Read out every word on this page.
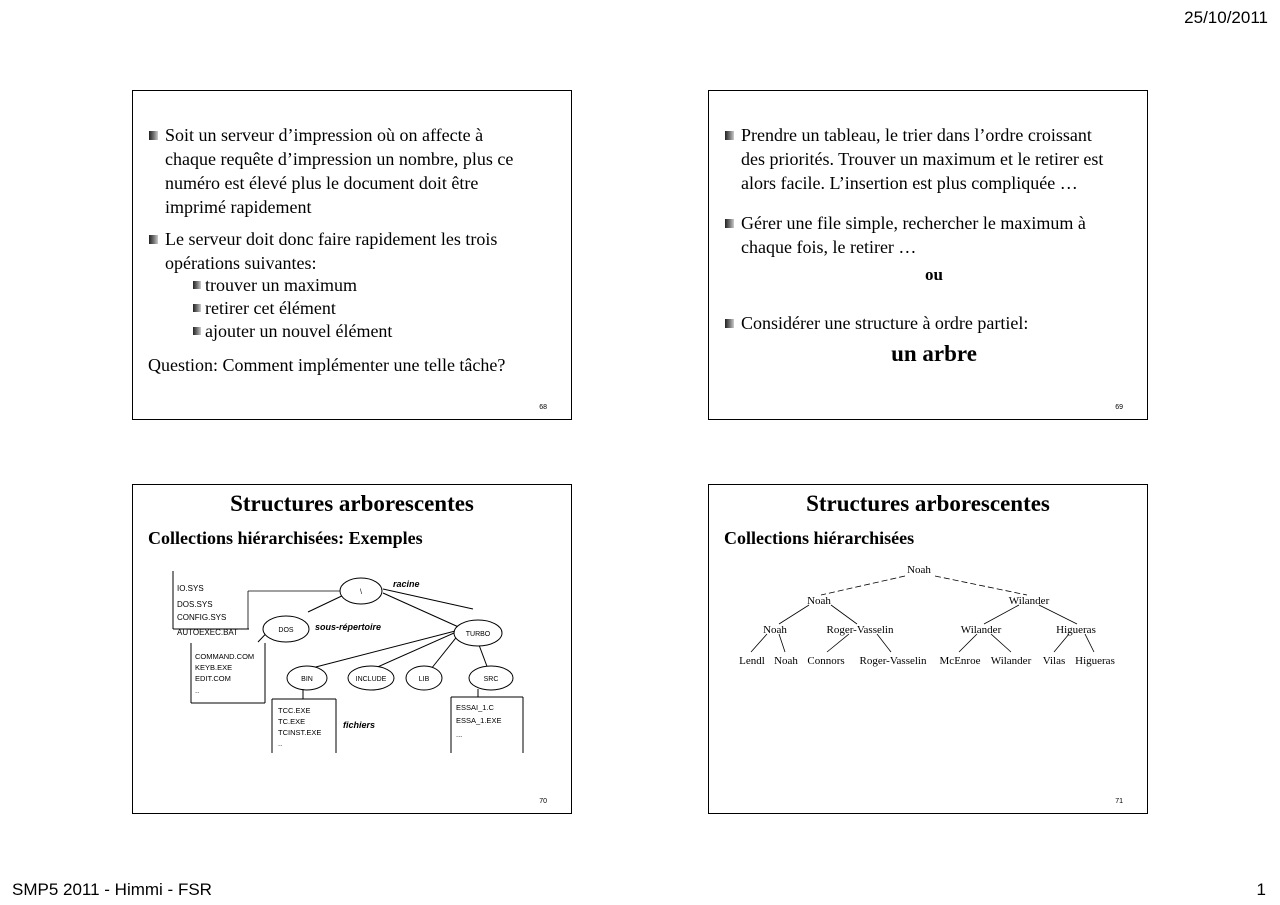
25/10/2011
Soit un serveur d’impression où on affecte à
chaque requête d’impression un nombre, plus ce
numéro est élevé plus le document doit être
imprimé rapidement
Le serveur doit donc faire rapidement les trois
opérations suivantes:
trouver un maximum
retirer cet élément
ajouter un nouvel élément
Question: Comment implémenter une telle tâche?
68
Prendre un tableau, le trier dans l’ordre croissant
des priorités. Trouver un maximum et le retirer est
alors facile. L’insertion est plus compliquée …
Gérer une file simple, rechercher le maximum à
chaque fois, le retirer …
ou
Considérer une structure à ordre partiel:
un arbre
69
Structures arborescentes
Collections hiérarchisées: Exemples
IO.SYS
DOS.SYS
CONFIG.SYS
AUTOEXEC.BAT
\
DOS
TURBO
BIN	INCLUDE	LIB	SRC
racine
sous-répertoire
fichiers
COMMAND.COM
KEYB.EXE
EDIT.COM
..
TCC.EXE
TC.EXE
TCINST.EXE
..
ESSAI_1.C
ESSA_1.EXE
...
70
Structures arborescentes
Collections hiérarchisées
Noah
Noah	Wilander
Noah	Roger-Vasselin	Wilander	Higueras
Lendl Noah Connors Roger-Vasselin McEnroe Wilander Vilas Higueras
71
SMP5 2011 - Himmi - FSR	1
